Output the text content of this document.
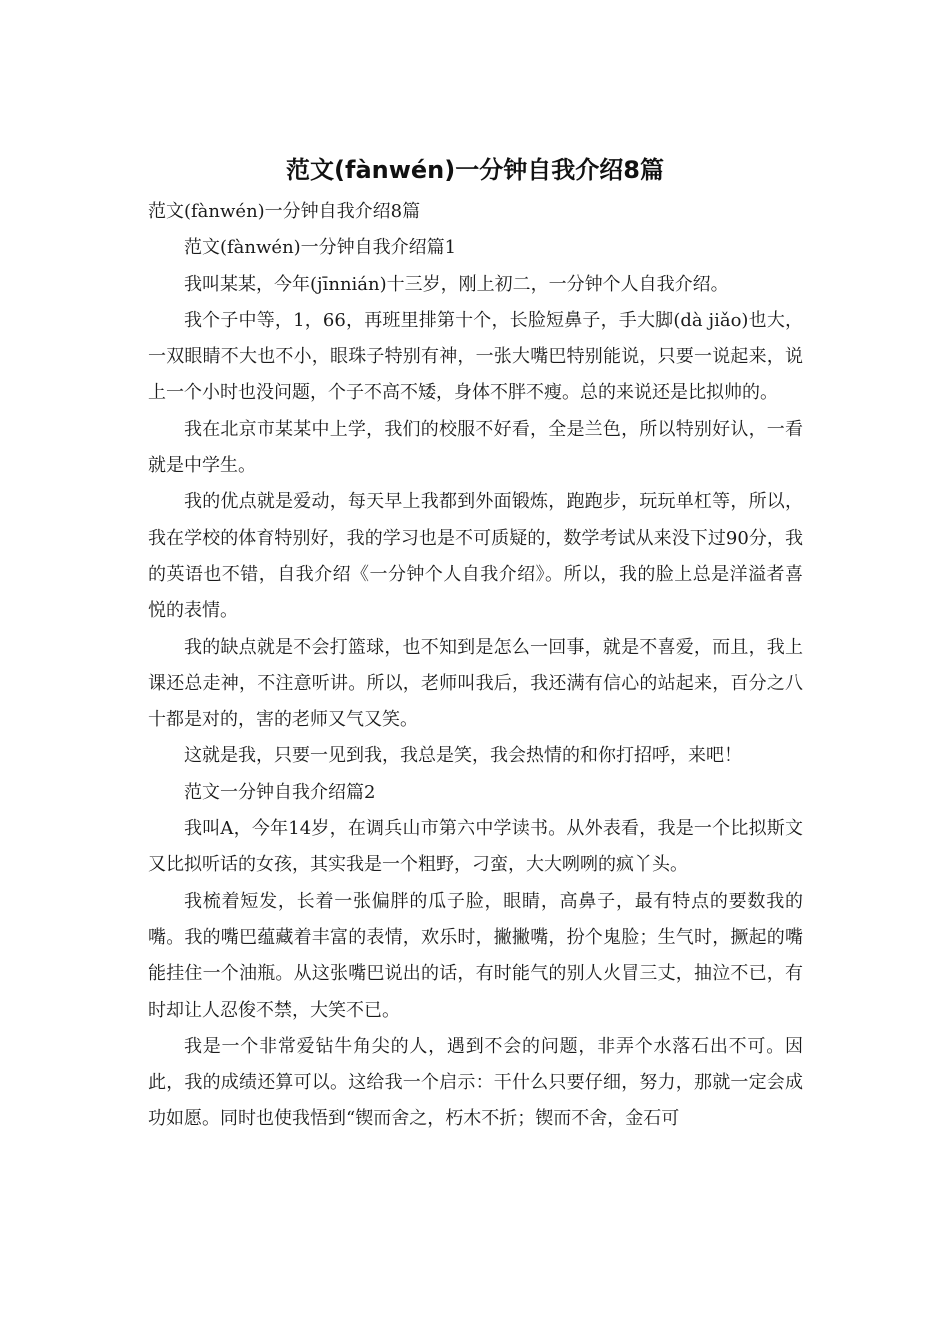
范文(fànwén)一分钟自我介绍8篇

范文(fànwén)一分钟自我介绍8篇

范文(fànwén)一分钟自我介绍篇1

我叫某某，今年(jīnnián)十三岁，刚上初二，一分钟个人自我介绍。

我个子中等，1，66，再班里排第十个，长脸短鼻子，手大脚(dà jiǎo)也大，一双眼睛不大也不小，眼珠子特别有神，一张大嘴巴特别能说，只要一说起来，说上一个小时也没问题，个子不高不矮，身体不胖不瘦。总的来说还是比拟帅的。

我在北京市某某中上学，我们的校服不好看，全是兰色，所以特别好认，一看就是中学生。

我的优点就是爱动，每天早上我都到外面锻炼，跑跑步，玩玩单杠等，所以，我在学校的体育特别好，我的学习也是不可质疑的，数学考试从来没下过90分，我的英语也不错，自我介绍《一分钟个人自我介绍》。所以，我的脸上总是洋溢者喜悦的表情。

我的缺点就是不会打篮球，也不知到是怎么一回事，就是不喜爱，而且，我上课还总走神，不注意听讲。所以，老师叫我后，我还满有信心的站起来，百分之八十都是对的，害的老师又气又笑。

这就是我，只要一见到我，我总是笑，我会热情的和你打招呼，来吧！

范文一分钟自我介绍篇2

我叫A，今年14岁，在调兵山市第六中学读书。从外表看，我是一个比拟斯文又比拟听话的女孩，其实我是一个粗野，刁蛮，大大咧咧的疯丫头。

我梳着短发，长着一张偏胖的瓜子脸，眼睛，高鼻子，最有特点的要数我的嘴。我的嘴巴蕴藏着丰富的表情，欢乐时，撇撇嘴，扮个鬼脸；生气时，撅起的嘴能挂住一个油瓶。从这张嘴巴说出的话，有时能气的别人火冒三丈，抽泣不已，有时却让人忍俊不禁，大笑不已。

我是一个非常爱钻牛角尖的人，遇到不会的问题，非弄个水落石出不可。因此，我的成绩还算可以。这给我一个启示：干什么只要仔细，努力，那就一定会成功如愿。同时也使我悟到“锲而舍之，朽木不折；锲而不舍，金石可
